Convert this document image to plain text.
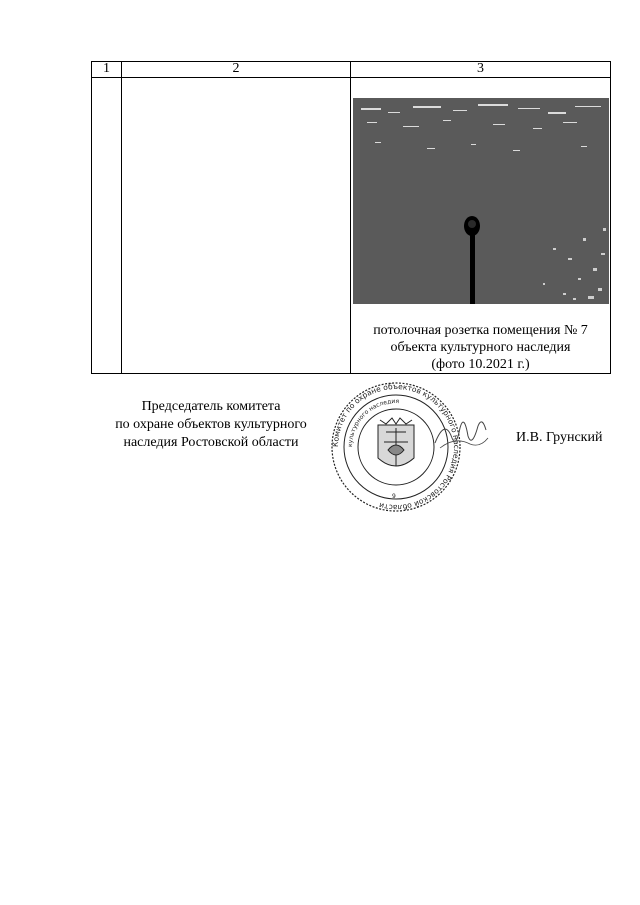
1	2	3

		потолочная розетка помещения № 7
объекта культурного наследия
(фото 10.2021 г.)
Председатель комитета
по охране объектов культурного
наследия Ростовской области	Комитет по охране объектов культурного наследия Ростовской области
культурного наследия
9
И.В. Грунский
